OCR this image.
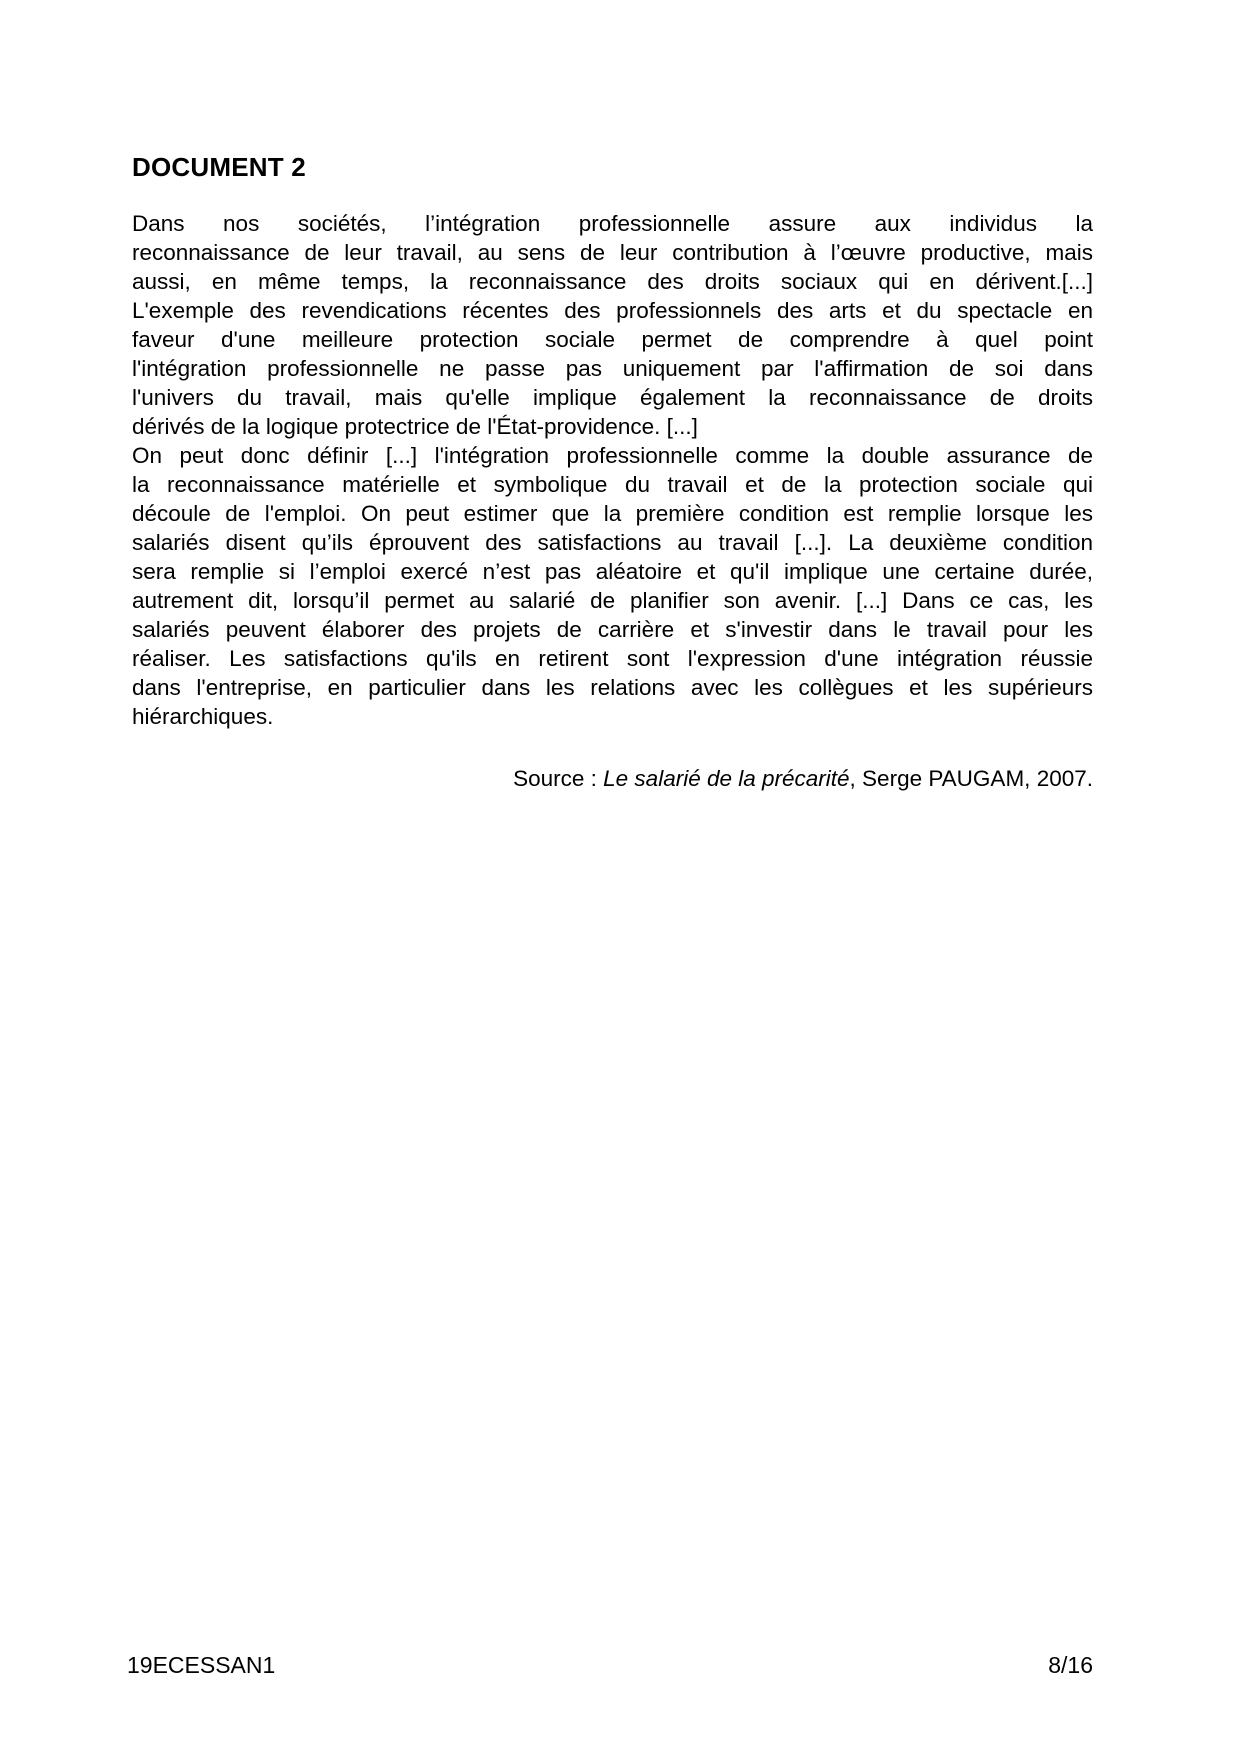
DOCUMENT 2
Dans nos sociétés, l’intégration professionnelle assure aux individus la
reconnaissance de leur travail, au sens de leur contribution à l’œuvre productive, mais
aussi, en même temps, la reconnaissance des droits sociaux qui en dérivent.[...]
L'exemple des revendications récentes des professionnels des arts et du spectacle en
faveur d'une meilleure protection sociale permet de comprendre à quel point
l'intégration professionnelle ne passe pas uniquement par l'affirmation de soi dans
l'univers du travail, mais qu'elle implique également la reconnaissance de droits
dérivés de la logique protectrice de l'État-providence. [...]
On peut donc définir [...] l'intégration professionnelle comme la double assurance de
la reconnaissance matérielle et symbolique du travail et de la protection sociale qui
découle de l'emploi. On peut estimer que la première condition est remplie lorsque les
salariés disent qu’ils éprouvent des satisfactions au travail [...]. La deuxième condition
sera remplie si l’emploi exercé n’est pas aléatoire et qu'il implique une certaine durée,
autrement dit, lorsqu’il permet au salarié de planifier son avenir. [...] Dans ce cas, les
salariés peuvent élaborer des projets de carrière et s'investir dans le travail pour les
réaliser. Les satisfactions qu'ils en retirent sont l'expression d'une intégration réussie
dans l'entreprise, en particulier dans les relations avec les collègues et les supérieurs
hiérarchiques.
Source : Le salarié de la précarité, Serge PAUGAM, 2007.
19ECESSAN1	8/16
